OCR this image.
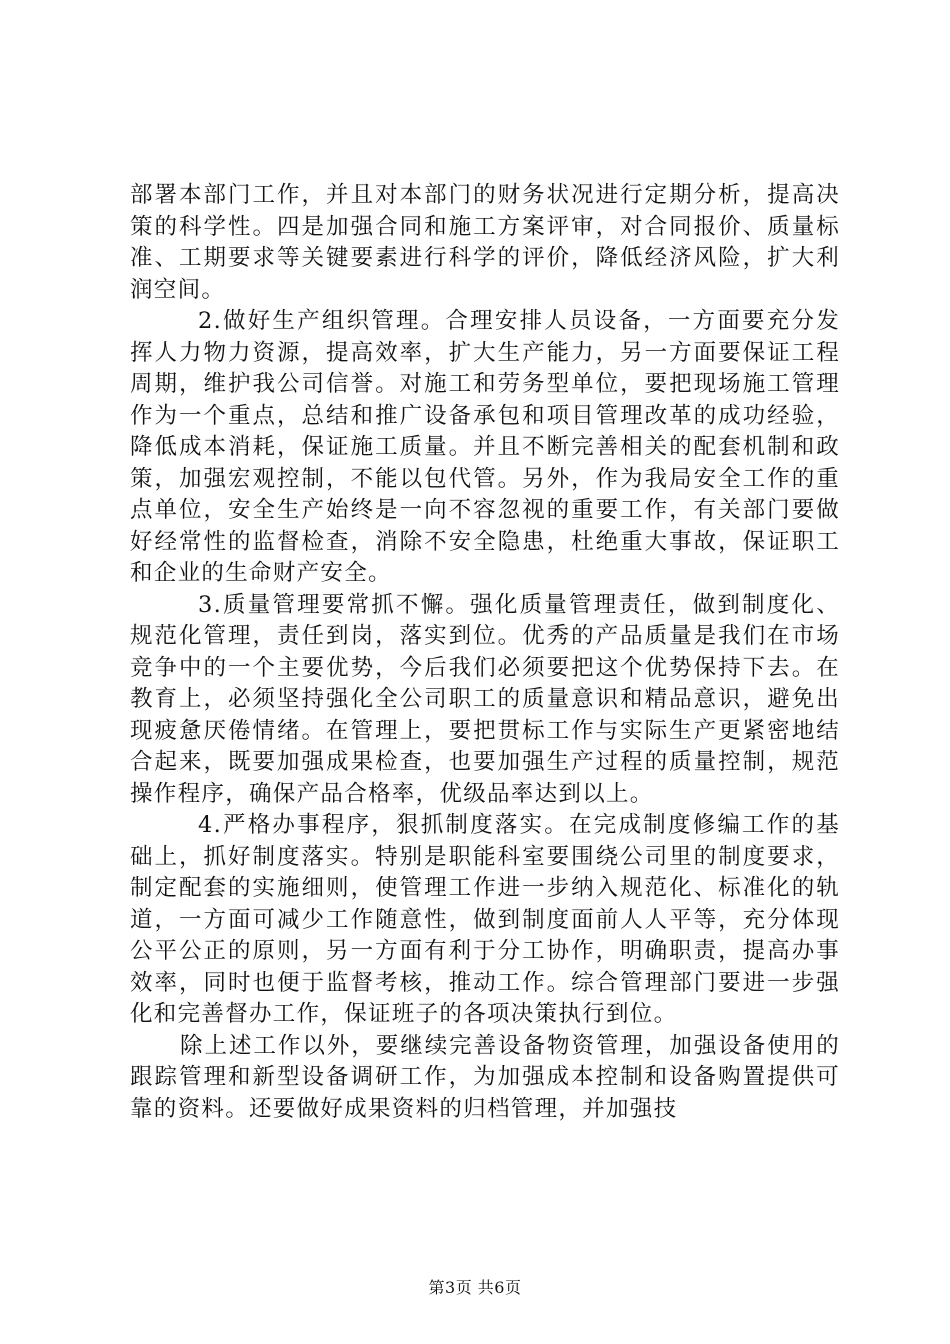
部署本部门工作，并且对本部门的财务状况进行定期分析，提高决策的科学性。四是加强合同和施工方案评审，对合同报价、质量标准、工期要求等关键要素进行科学的评价，降低经济风险，扩大利润空间。

2.做好生产组织管理。合理安排人员设备，一方面要充分发挥人力物力资源，提高效率，扩大生产能力，另一方面要保证工程周期，维护我公司信誉。对施工和劳务型单位，要把现场施工管理作为一个重点，总结和推广设备承包和项目管理改革的成功经验，降低成本消耗，保证施工质量。并且不断完善相关的配套机制和政策，加强宏观控制，不能以包代管。另外，作为我局安全工作的重点单位，安全生产始终是一向不容忽视的重要工作，有关部门要做好经常性的监督检查，消除不安全隐患，杜绝重大事故，保证职工和企业的生命财产安全。

3.质量管理要常抓不懈。强化质量管理责任，做到制度化、规范化管理，责任到岗，落实到位。优秀的产品质量是我们在市场竞争中的一个主要优势，今后我们必须要把这个优势保持下去。在教育上，必须坚持强化全公司职工的质量意识和精品意识，避免出现疲惫厌倦情绪。在管理上，要把贯标工作与实际生产更紧密地结合起来，既要加强成果检查，也要加强生产过程的质量控制，规范操作程序，确保产品合格率，优级品率达到以上。

4.严格办事程序，狠抓制度落实。在完成制度修编工作的基础上，抓好制度落实。特别是职能科室要围绕公司里的制度要求，制定配套的实施细则，使管理工作进一步纳入规范化、标准化的轨道，一方面可减少工作随意性，做到制度面前人人平等，充分体现公平公正的原则，另一方面有利于分工协作，明确职责，提高办事效率，同时也便于监督考核，推动工作。综合管理部门要进一步强化和完善督办工作，保证班子的各项决策执行到位。

除上述工作以外，要继续完善设备物资管理，加强设备使用的跟踪管理和新型设备调研工作，为加强成本控制和设备购置提供可靠的资料。还要做好成果资料的归档管理，并加强技

第3页 共6页
